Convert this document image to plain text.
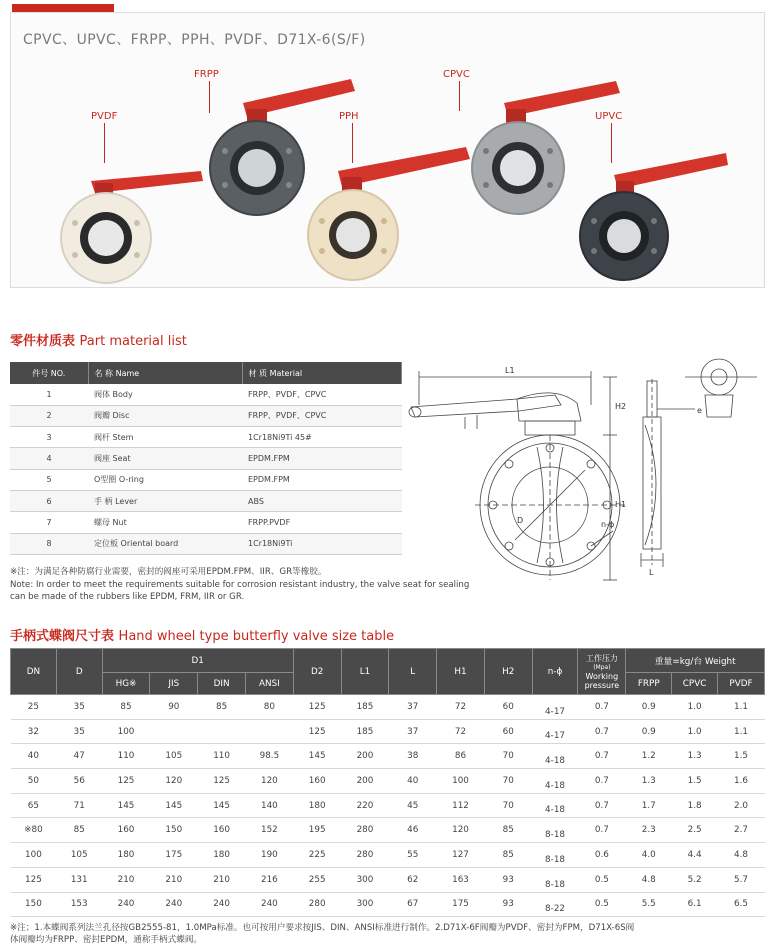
CPVC、UPVC、FRPP、PPH、PVDF、D71X-6(S/F)
PVDF
FRPP
PPH
CPVC
UPVC
零件材质表 Part material list
件号 NO.	名 称 Name	材 质 Material
1	阀体 Body	FRPP、PVDF、CPVC
2	阀瓣 Disc	FRPP、PVDF、CPVC
3	阀杆 Stem	1Cr18Ni9Ti 45#
4	阀座 Seat	EPDM.FPM
5	O型圈 O-ring	EPDM.FPM
6	手 柄 Lever	ABS
7	螺母 Nut	FRPP.PVDF
8	定位板 Oriental board	1Cr18Ni9Ti
※注：为满足各种防腐行业需要，密封的阀座可采用EPDM.FPM、IIR、GR等橡胶。
Note: In order to meet the requirements suitable for corrosion resistant industry, the valve seat for sealing
can be made of the rubbers like EPDM, FRM, IIR or GR.
L1
H2
H1
n-ϕ
L
D
e
手柄式蝶阀尺寸表 Hand wheel type butterfly valve size table
DN	D	D1				D2	L1	L	H1	H2	n-ϕ	工作压力
(Mpa)
Working
pressure	重量=kg/台 Weight		
		HG※	JIS	DIN	ANSI								FRPP	CPVC	PVDF
25	35	85	90	85	80	125	185	37	72	60	4-17	0.7	0.9	1.0	1.1
32	35	100				125	185	37	72	60	4-17	0.7	0.9	1.0	1.1
40	47	110	105	110	98.5	145	200	38	86	70	4-18	0.7	1.2	1.3	1.5
50	56	125	120	125	120	160	200	40	100	70	4-18	0.7	1.3	1.5	1.6
65	71	145	145	145	140	180	220	45	112	70	4-18	0.7	1.7	1.8	2.0
※80	85	160	150	160	152	195	280	46	120	85	8-18	0.7	2.3	2.5	2.7
100	105	180	175	180	190	225	280	55	127	85	8-18	0.6	4.0	4.4	4.8
125	131	210	210	210	216	255	300	62	163	93	8-18	0.5	4.8	5.2	5.7
150	153	240	240	240	240	280	300	67	175	93	8-22	0.5	5.5	6.1	6.5
※注；1.本蝶阀系列法兰孔径按GB2555-81，1.0MPa标准。也可按用户要求按JIS、DIN、ANSI标准进行制作。2.D71X-6F阀瓣为PVDF、密封为FPM，D71X-6S阀
体阀瓣均为FRPP、密封EPDM，通称手柄式蝶阀。
